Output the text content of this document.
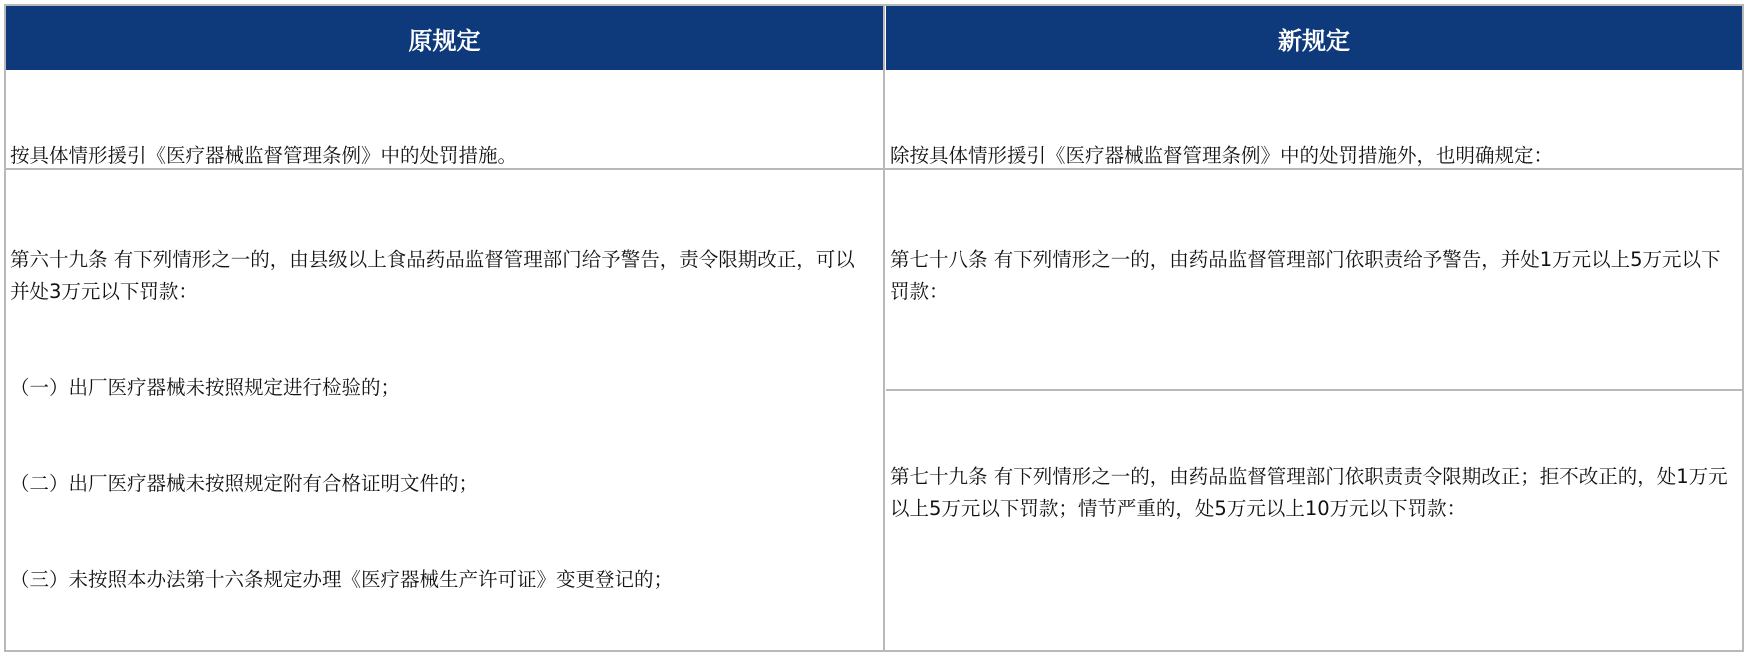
原规定	新规定

按具体情形援引《医疗器械监督管理条例》中的处罚措施。

	除按具体情形援引《医疗器械监督管理条例》中的处罚措施外，也明确规定：

第六十九条 有下列情形之一的，由县级以上食品药品监督管理部门给予警告，责令限期改正，可以并处3万元以下罚款：

（一）出厂医疗器械未按照规定进行检验的；

（二）出厂医疗器械未按照规定附有合格证明文件的；

（三）未按照本办法第十六条规定办理《医疗器械生产许可证》变更登记的；

第七十八条 有下列情形之一的，由药品监督管理部门依职责给予警告，并处1万元以上5万元以下罚款：

第七十九条 有下列情形之一的，由药品监督管理部门依职责责令限期改正；拒不改正的，处1万元以上5万元以下罚款；情节严重的，处5万元以上10万元以下罚款：
